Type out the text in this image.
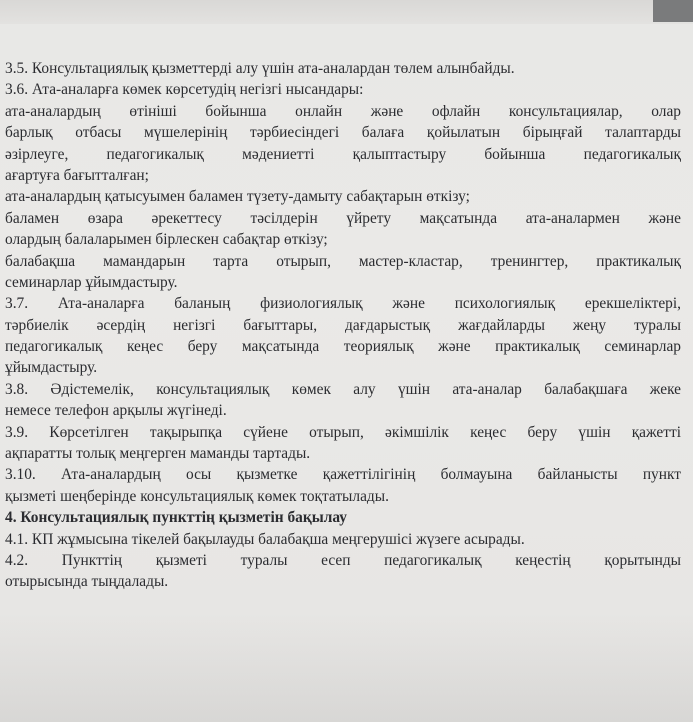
3.5. Консультациялық қызметтерді алу үшін ата-аналардан төлем алынбайды.
3.6. Ата-аналарға көмек көрсетудің негізгі нысандары:
ата-аналардың өтініші бойынша онлайн және офлайн консультациялар, олар
барлық отбасы мүшелерінің тәрбиесіндегі балаға қойылатын бірыңғай талаптарды
әзірлеуге, педагогикалық мәдениетті қалыптастыру бойынша педагогикалық
ағартуға бағытталған;
ата-аналардың қатысуымен баламен түзету-дамыту сабақтарын өткізу;
баламен өзара әрекеттесу тәсілдерін үйрету мақсатында ата-аналармен және
олардың балаларымен бірлескен сабақтар өткізу;
балабақша мамандарын тарта отырып, мастер-кластар, тренингтер, практикалық
семинарлар ұйымдастыру.
3.7. Ата-аналарға баланың физиологиялық және психологиялық ерекшеліктері,
тәрбиелік әсердің негізгі бағыттары, дағдарыстық жағдайларды жеңу туралы
педагогикалық кеңес беру мақсатында теориялық және практикалық семинарлар
ұйымдастыру.
3.8. Әдістемелік, консультациялық көмек алу үшін ата-аналар балабақшаға жеке
немесе телефон арқылы жүгінеді.
3.9. Көрсетілген тақырыпқа сүйене отырып, әкімшілік кеңес беру үшін қажетті
ақпаратты толық меңгерген маманды тартады.
3.10. Ата-аналардың осы қызметке қажеттілігінің болмауына байланысты пункт
қызметі шеңберінде консультациялық көмек тоқтатылады.
4. Консультациялық пункттің қызметін бақылау
4.1. КП жұмысына тікелей бақылауды балабақша меңгерушісі жүзеге асырады.
4.2. Пункттің қызметі туралы есеп педагогикалық кеңестің қорытынды
отырысында тыңдалады.
